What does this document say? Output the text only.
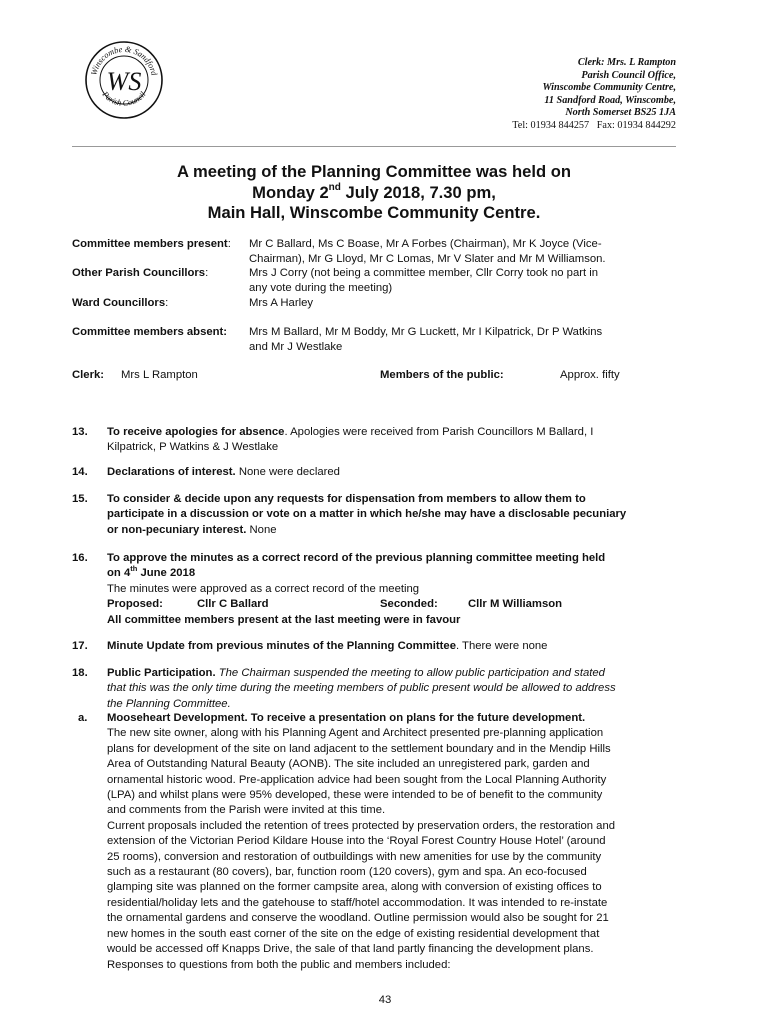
Winscombe & Sandford
Parish Council
WS
Clerk: Mrs. L Rampton
Parish Council Office,
Winscombe Community Centre,
11 Sandford Road, Winscombe,
North Somerset BS25 1JA
Tel: 01934 844257   Fax: 01934 844292
A meeting of the Planning Committee was held on
Monday 2nd July 2018, 7.30 pm,
Main Hall, Winscombe Community Centre.
Committee members present: Mr C Ballard, Ms C Boase, Mr A Forbes (Chairman), Mr K Joyce (Vice-
Chairman), Mr G Lloyd, Mr C Lomas, Mr V Slater and Mr M Williamson.
Other Parish Councillors:	Mrs J Corry (not being a committee member, Cllr Corry took no part in
any vote during the meeting)
Ward Councillors:	Mrs A Harley
Committee members absent: Mrs M Ballard, Mr M Boddy, Mr G Luckett, Mr I Kilpatrick, Dr P Watkins
and Mr J Westlake
Clerk: Mrs L Rampton	Members of the public:	Approx. fifty
13. To receive apologies for absence. Apologies were received from Parish Councillors M Ballard, I

Kilpatrick, P Watkins & J Westlake

14. Declarations of interest. None were declared

15. To consider & decide upon any requests for dispensation from members to allow them to

participate in a discussion or vote on a matter in which he/she may have a disclosable pecuniary

or non-pecuniary interest. None

16. To approve the minutes as a correct record of the previous planning committee meeting held

on 4th June 2018

The minutes were approved as a correct record of the meeting

Proposed:	Cllr C Ballard	Seconded:	Cllr M Williamson

All committee members present at the last meeting were in favour

17. Minute Update from previous minutes of the Planning Committee. There were none

18. Public Participation. The Chairman suspended the meeting to allow public participation and stated

that this was the only time during the meeting members of public present would be allowed to address

the Planning Committee.

a. Mooseheart Development. To receive a presentation on plans for the future development.

The new site owner, along with his Planning Agent and Architect presented pre-planning application

plans for development of the site on land adjacent to the settlement boundary and in the Mendip Hills

Area of Outstanding Natural Beauty (AONB). The site included an unregistered park, garden and

ornamental historic wood. Pre-application advice had been sought from the Local Planning Authority

(LPA) and whilst plans were 95% developed, these were intended to be of benefit to the community

and comments from the Parish were invited at this time.

Current proposals included the retention of trees protected by preservation orders, the restoration and

extension of the Victorian Period Kildare House into the ‘Royal Forest Country House Hotel’ (around

25 rooms), conversion and restoration of outbuildings with new amenities for use by the community

such as a restaurant (80 covers), bar, function room (120 covers), gym and spa. An eco-focused

glamping site was planned on the former campsite area, along with conversion of existing offices to

residential/holiday lets and the gatehouse to staff/hotel accommodation. It was intended to re-instate

the ornamental gardens and conserve the woodland. Outline permission would also be sought for 21

new homes in the south east corner of the site on the edge of existing residential development that

would be accessed off Knapps Drive, the sale of that land partly financing the development plans.

Responses to questions from both the public and members included:

43
